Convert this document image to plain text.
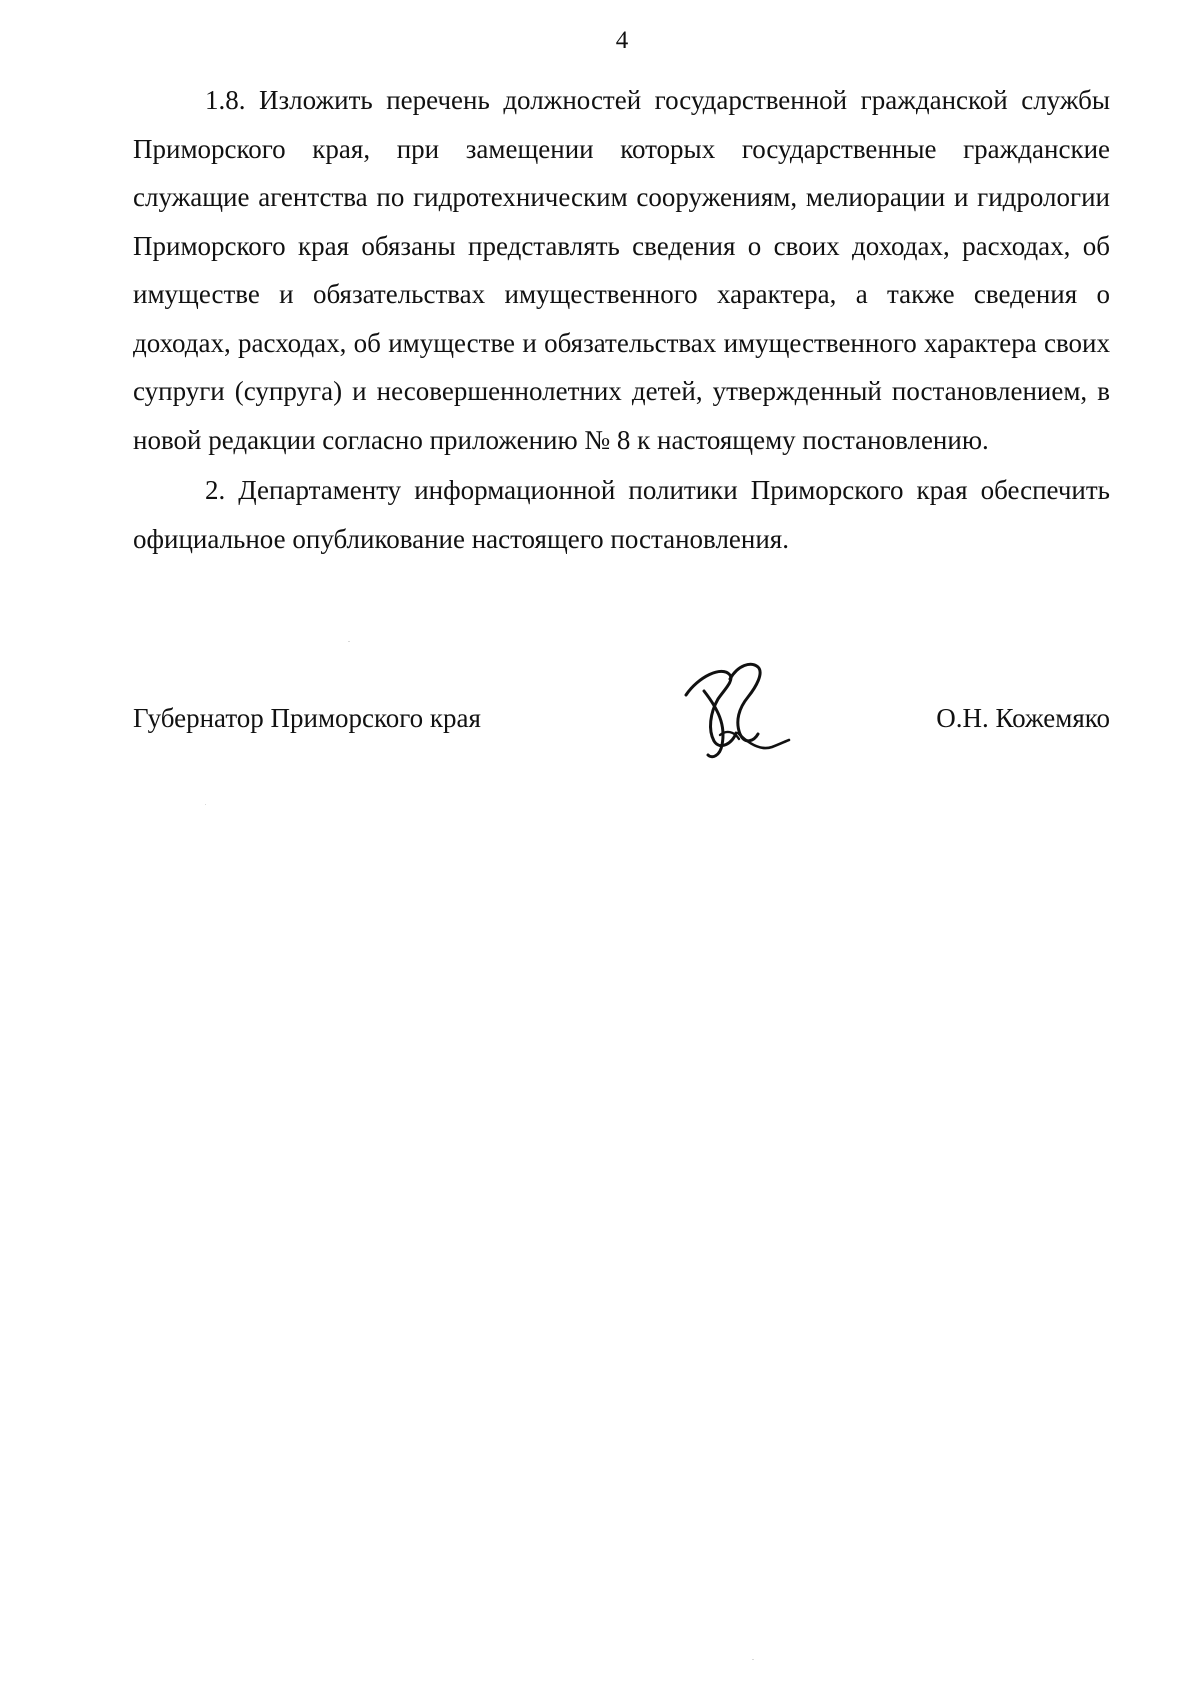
4

1.8. Изложить перечень должностей государственной гражданской службы Приморского края, при замещении которых государственные гражданские служащие агентства по гидротехническим сооружениям, мелиорации и гидрологии Приморского края обязаны представлять сведения о своих доходах, расходах, об имуществе и обязательствах имущественного характера, а также сведения о доходах, расходах, об имуществе и обязательствах имущественного характера своих супруги (супруга) и несовершеннолетних детей, утвержденный постановлением, в новой редакции согласно приложению № 8 к настоящему постановлению.

2. Департаменту информационной политики Приморского края обеспечить официальное опубликование настоящего постановления.

Губернатор Приморского края	О.Н. Кожемяко
